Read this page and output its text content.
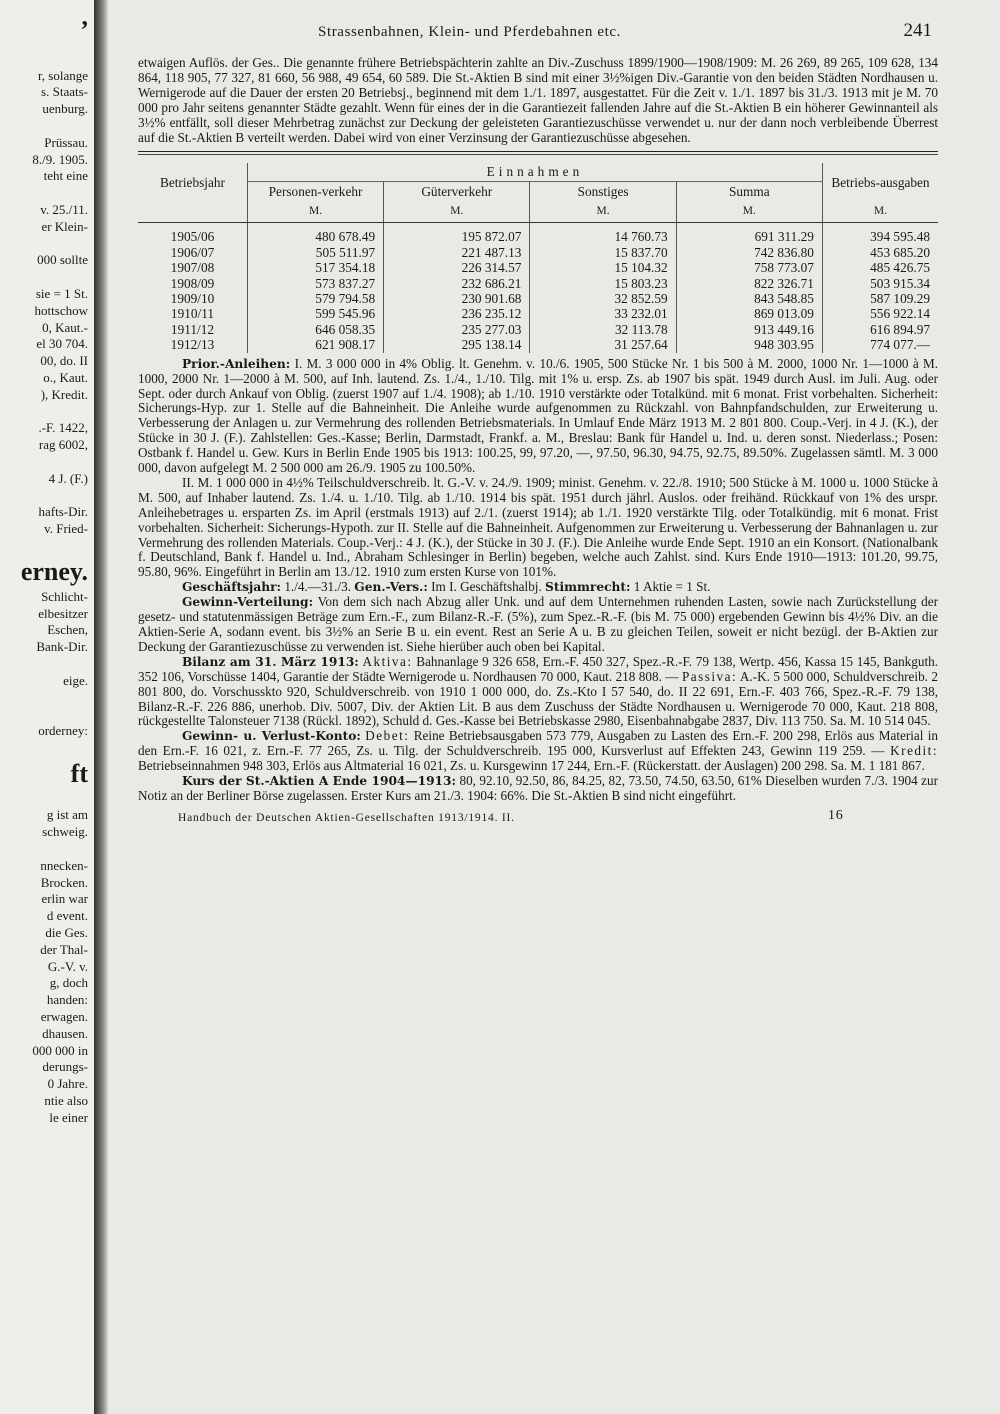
,

r, solange
s. Staats-
uenburg.

Prüssau.
8./9. 1905.
teht eine

v. 25./11.
er Klein-

000 sollte

sie = 1 St.
hottschow
0, Kaut.-
el 30 704.
00, do. II
o., Kaut.
), Kredit.

.-F. 1422,
rag 6002,

4 J. (F.)

hafts-Dir.
v. Fried-

erney.
Schlicht-
elbesitzer
Eschen,
Bank-Dir.

eige.

orderney:

ft

g ist am
schweig.

nnecken-
Brocken.
erlin war
d event.
die Ges.
der Thal-
G.-V. v.
g, doch
handen:
erwagen.
dhausen.
000 000 in
derungs-
0 Jahre.
ntie also
le einer
Strassenbahnen, Klein- und Pferdebahnen etc.	241
etwaigen Auflös. der Ges.. Die genannte frühere Betriebspächterin zahlte an Div.-Zuschuss 1899/1900—1908/1909: M. 26 269, 89 265, 109 628, 134 864, 118 905, 77 327, 81 660, 56 988, 49 654, 60 589. Die St.-Aktien B sind mit einer 3½%igen Div.-Garantie von den beiden Städten Nordhausen u. Wernigerode auf die Dauer der ersten 20 Betriebsj., beginnend mit dem 1./1. 1897, ausgestattet. Für die Zeit v. 1./1. 1897 bis 31./3. 1913 mit je M. 70 000 pro Jahr seitens genannter Städte gezahlt. Wenn für eines der in die Garantiezeit fallenden Jahre auf die St.-Aktien B ein höherer Gewinnanteil als 3½% entfällt, soll dieser Mehrbetrag zunächst zur Deckung der geleisteten Garantiezuschüsse verwendet u. nur der dann noch verbleibende Überrest auf die St.-Aktien B verteilt werden. Dabei wird von einer Verzinsung der Garantiezuschüsse abgesehen.
Betriebsjahr	Einnahmen				Betriebs-ausgaben
	Personen-verkehr	Güterverkehr	Sonstiges	Summa	
	M.	M.	M.	M.	M.
1905/06	480 678.49	195 872.07	14 760.73	691 311.29	394 595.48
1906/07	505 511.97	221 487.13	15 837.70	742 836.80	453 685.20
1907/08	517 354.18	226 314.57	15 104.32	758 773.07	485 426.75
1908/09	573 837.27	232 686.21	15 803.23	822 326.71	503 915.34
1909/10	579 794.58	230 901.68	32 852.59	843 548.85	587 109.29
1910/11	599 545.96	236 235.12	33 232.01	869 013.09	556 922.14
1911/12	646 058.35	235 277.03	32 113.78	913 449.16	616 894.97
1912/13	621 908.17	295 138.14	31 257.64	948 303.95	774 077.—
Prior.-Anleihen: I. M. 3 000 000 in 4% Oblig. lt. Genehm. v. 10./6. 1905, 500 Stücke Nr. 1 bis 500 à M. 2000, 1000 Nr. 1—1000 à M. 1000, 2000 Nr. 1—2000 à M. 500, auf Inh. lautend. Zs. 1./4., 1./10. Tilg. mit 1% u. ersp. Zs. ab 1907 bis spät. 1949 durch Ausl. im Juli. Aug. oder Sept. oder durch Ankauf von Oblig. (zuerst 1907 auf 1./4. 1908); ab 1./10. 1910 verstärkte oder Totalkünd. mit 6 monat. Frist vorbehalten. Sicherheit: Sicherungs-Hyp. zur 1. Stelle auf die Bahneinheit. Die Anleihe wurde aufgenommen zu Rückzahl. von Bahnpfandschulden, zur Erweiterung u. Verbesserung der Anlagen u. zur Vermehrung des rollenden Betriebsmaterials. In Umlauf Ende März 1913 M. 2 801 800. Coup.-Verj. in 4 J. (K.), der Stücke in 30 J. (F.). Zahlstellen: Ges.-Kasse; Berlin, Darmstadt, Frankf. a. M., Breslau: Bank für Handel u. Ind. u. deren sonst. Niederlass.; Posen: Ostbank f. Handel u. Gew. Kurs in Berlin Ende 1905 bis 1913: 100.25, 99, 97.20, —, 97.50, 96.30, 94.75, 92.75, 89.50%. Zugelassen sämtl. M. 3 000 000, davon aufgelegt M. 2 500 000 am 26./9. 1905 zu 100.50%.
II. M. 1 000 000 in 4½% Teilschuldverschreib. lt. G.-V. v. 24./9. 1909; minist. Genehm. v. 22./8. 1910; 500 Stücke à M. 1000 u. 1000 Stücke à M. 500, auf Inhaber lautend. Zs. 1./4. u. 1./10. Tilg. ab 1./10. 1914 bis spät. 1951 durch jährl. Auslos. oder freihänd. Rückkauf von 1% des urspr. Anleihebetrages u. ersparten Zs. im April (erstmals 1913) auf 2./1. (zuerst 1914); ab 1./1. 1920 verstärkte Tilg. oder Totalkündig. mit 6 monat. Frist vorbehalten. Sicherheit: Sicherungs-Hypoth. zur II. Stelle auf die Bahneinheit. Aufgenommen zur Erweiterung u. Verbesserung der Bahnanlagen u. zur Vermehrung des rollenden Materials. Coup.-Verj.: 4 J. (K.), der Stücke in 30 J. (F.). Die Anleihe wurde Ende Sept. 1910 an ein Konsort. (Nationalbank f. Deutschland, Bank f. Handel u. Ind., Abraham Schlesinger in Berlin) begeben, welche auch Zahlst. sind. Kurs Ende 1910—1913: 101.20, 99.75, 95.80, 96%. Eingeführt in Berlin am 13./12. 1910 zum ersten Kurse von 101%.
Geschäftsjahr: 1./4.—31./3. Gen.-Vers.: Im I. Geschäftshalbj. Stimmrecht: 1 Aktie = 1 St.
Gewinn-Verteilung: Von dem sich nach Abzug aller Unk. und auf dem Unternehmen ruhenden Lasten, sowie nach Zurückstellung der gesetz- und statutenmässigen Beträge zum Ern.-F., zum Bilanz-R.-F. (5%), zum Spez.-R.-F. (bis M. 75 000) ergebenden Gewinn bis 4½% Div. an die Aktien-Serie A, sodann event. bis 3½% an Serie B u. ein event. Rest an Serie A u. B zu gleichen Teilen, soweit er nicht bezügl. der B-Aktien zur Deckung der Garantiezuschüsse zu verwenden ist. Siehe hierüber auch oben bei Kapital.
Bilanz am 31. März 1913: Aktiva: Bahnanlage 9 326 658, Ern.-F. 450 327, Spez.-R.-F. 79 138, Wertp. 456, Kassa 15 145, Bankguth. 352 106, Vorschüsse 1404, Garantie der Städte Wernigerode u. Nordhausen 70 000, Kaut. 218 808. — Passiva: A.-K. 5 500 000, Schuldverschreib. 2 801 800, do. Vorschusskto 920, Schuldverschreib. von 1910 1 000 000, do. Zs.-Kto I 57 540, do. II 22 691, Ern.-F. 403 766, Spez.-R.-F. 79 138, Bilanz-R.-F. 226 886, unerhob. Div. 5007, Div. der Aktien Lit. B aus dem Zuschuss der Städte Nordhausen u. Wernigerode 70 000, Kaut. 218 808, rückgestellte Talonsteuer 7138 (Rückl. 1892), Schuld d. Ges.-Kasse bei Betriebskasse 2980, Eisenbahnabgabe 2837, Div. 113 750. Sa. M. 10 514 045.
Gewinn- u. Verlust-Konto: Debet: Reine Betriebsausgaben 573 779, Ausgaben zu Lasten des Ern.-F. 200 298, Erlös aus Material in den Ern.-F. 16 021, z. Ern.-F. 77 265, Zs. u. Tilg. der Schuldverschreib. 195 000, Kursverlust auf Effekten 243, Gewinn 119 259. — Kredit: Betriebseinnahmen 948 303, Erlös aus Altmaterial 16 021, Zs. u. Kursgewinn 17 244, Ern.-F. (Rückerstatt. der Auslagen) 200 298. Sa. M. 1 181 867.
Kurs der St.-Aktien A Ende 1904—1913: 80, 92.10, 92.50, 86, 84.25, 82, 73.50, 74.50, 63.50, 61% Dieselben wurden 7./3. 1904 zur Notiz an der Berliner Börse zugelassen. Erster Kurs am 21./3. 1904: 66%. Die St.-Aktien B sind nicht eingeführt.
Handbuch der Deutschen Aktien-Gesellschaften 1913/1914. II.	16
